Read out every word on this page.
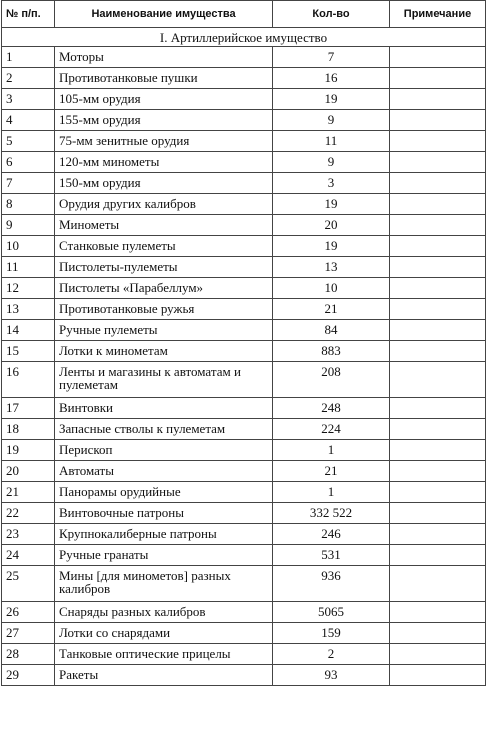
№ п/п.	Наименование имущества	Кол-во	Примечание
I. Артиллерийское имущество			
1	Моторы	7	
2	Противотанковые пушки	16	
3	105-мм орудия	19	
4	155-мм орудия	9	
5	75-мм зенитные орудия	11	
6	120-мм минометы	9	
7	150-мм орудия	3	
8	Орудия других калибров	19	
9	Минометы	20	
10	Станковые пулеметы	19	
11	Пистолеты-пулеметы	13	
12	Пистолеты «Парабеллум»	10	
13	Противотанковые ружья	21	
14	Ручные пулеметы	84	
15	Лотки к минометам	883	
16	Ленты и магазины к автоматам и пулеметам	208	
17	Винтовки	248	
18	Запасные стволы к пулеметам	224	
19	Перископ	1	
20	Автоматы	21	
21	Панорамы орудийные	1	
22	Винтовочные патроны	332 522	
23	Крупнокалиберные патроны	246	
24	Ручные гранаты	531	
25	Мины [для минометов] разных калибров	936	
26	Снаряды разных калибров	5065	
27	Лотки со снарядами	159	
28	Танковые оптические прицелы	2	
29	Ракеты	93	
